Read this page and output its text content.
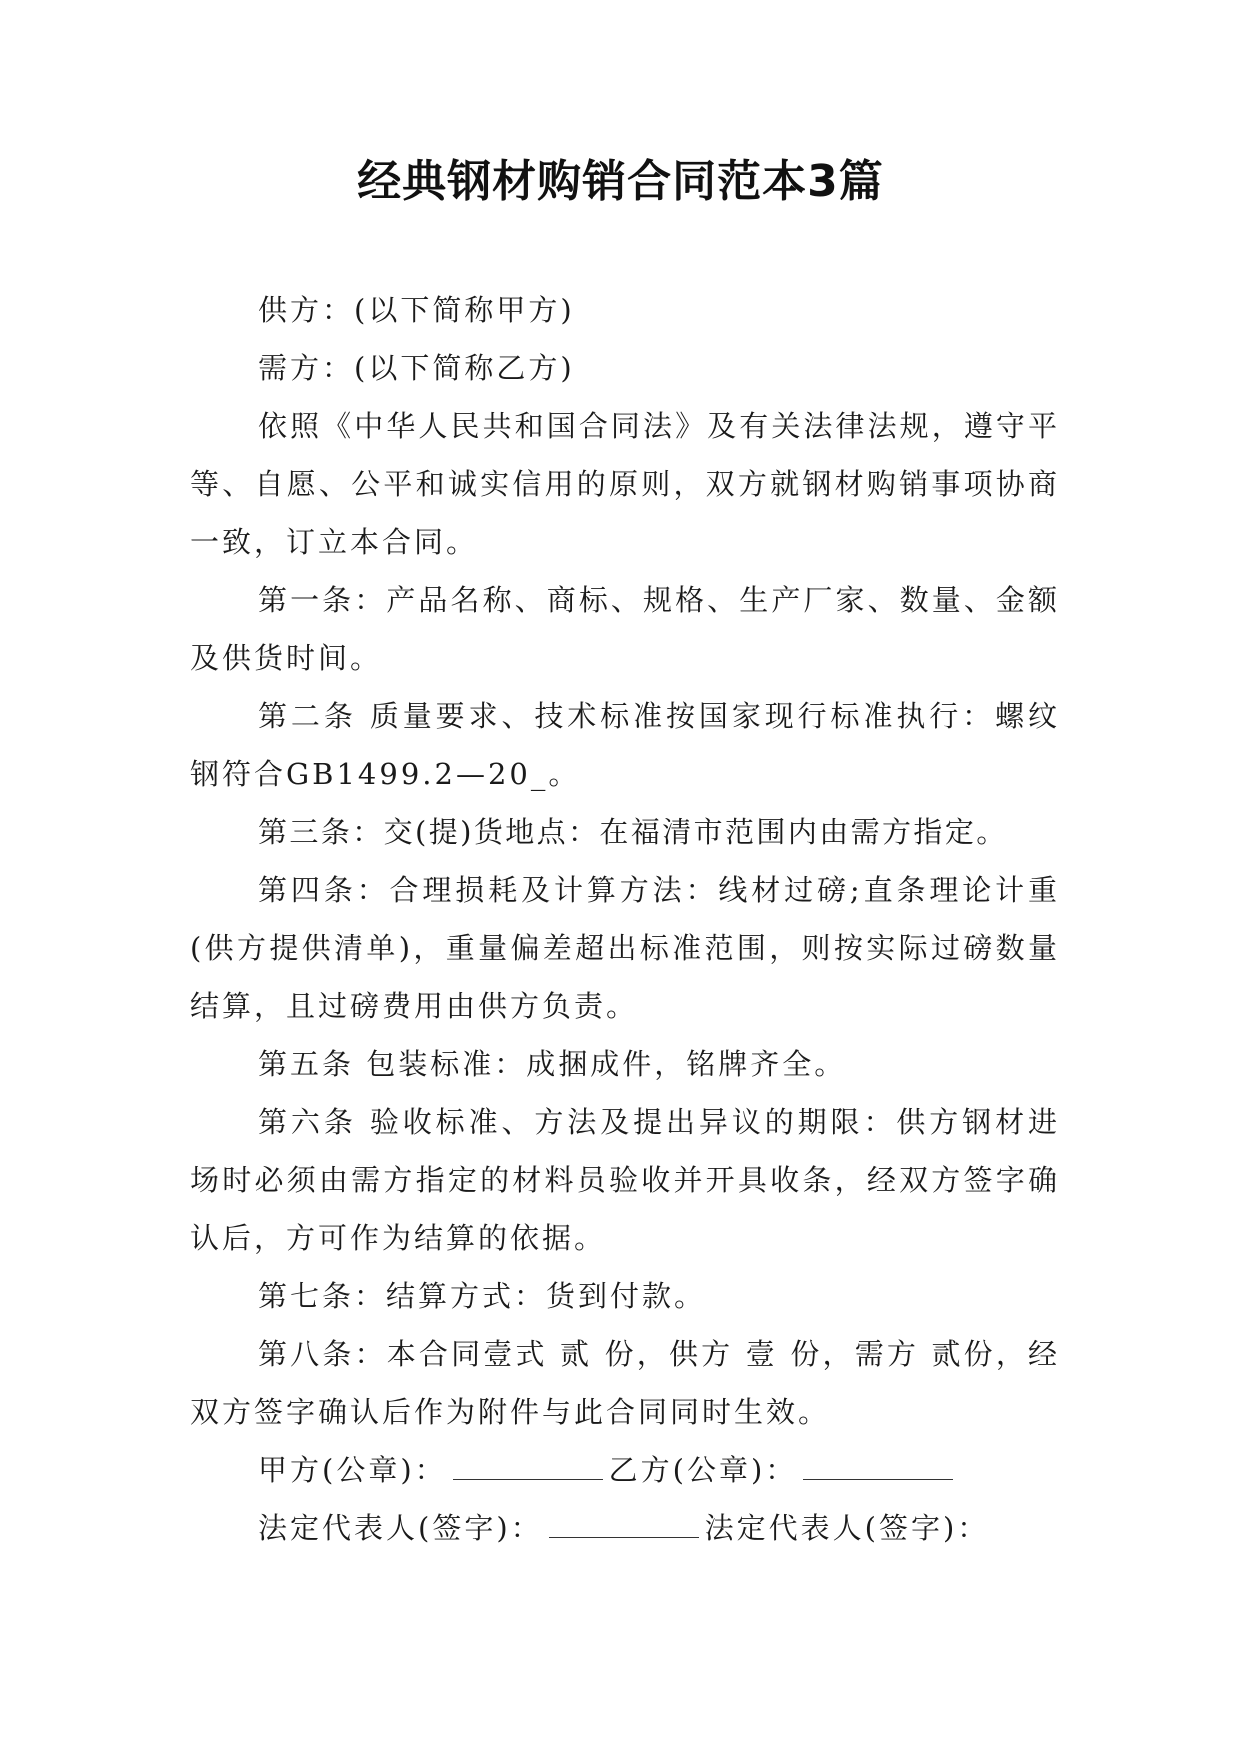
经典钢材购销合同范本3篇

供方：(以下简称甲方)

需方：(以下简称乙方)

依照《中华人民共和国合同法》及有关法律法规，遵守平等、自愿、公平和诚实信用的原则，双方就钢材购销事项协商一致，订立本合同。

第一条：产品名称、商标、规格、生产厂家、数量、金额及供货时间。

第二条 质量要求、技术标准按国家现行标准执行：螺纹钢符合GB1499.2—20_。

第三条：交(提)货地点：在福清市范围内由需方指定。

第四条：合理损耗及计算方法：线材过磅;直条理论计重(供方提供清单)，重量偏差超出标准范围，则按实际过磅数量结算，且过磅费用由供方负责。

第五条 包装标准：成捆成件，铭牌齐全。

第六条 验收标准、方法及提出异议的期限：供方钢材进场时必须由需方指定的材料员验收并开具收条，经双方签字确认后，方可作为结算的依据。

第七条：结算方式：货到付款。

第八条：本合同壹式 贰 份，供方 壹 份，需方 贰份，经双方签字确认后作为附件与此合同同时生效。

甲方(公章)：	乙方(公章)：

法定代表人(签字)：	法定代表人(签字)：
